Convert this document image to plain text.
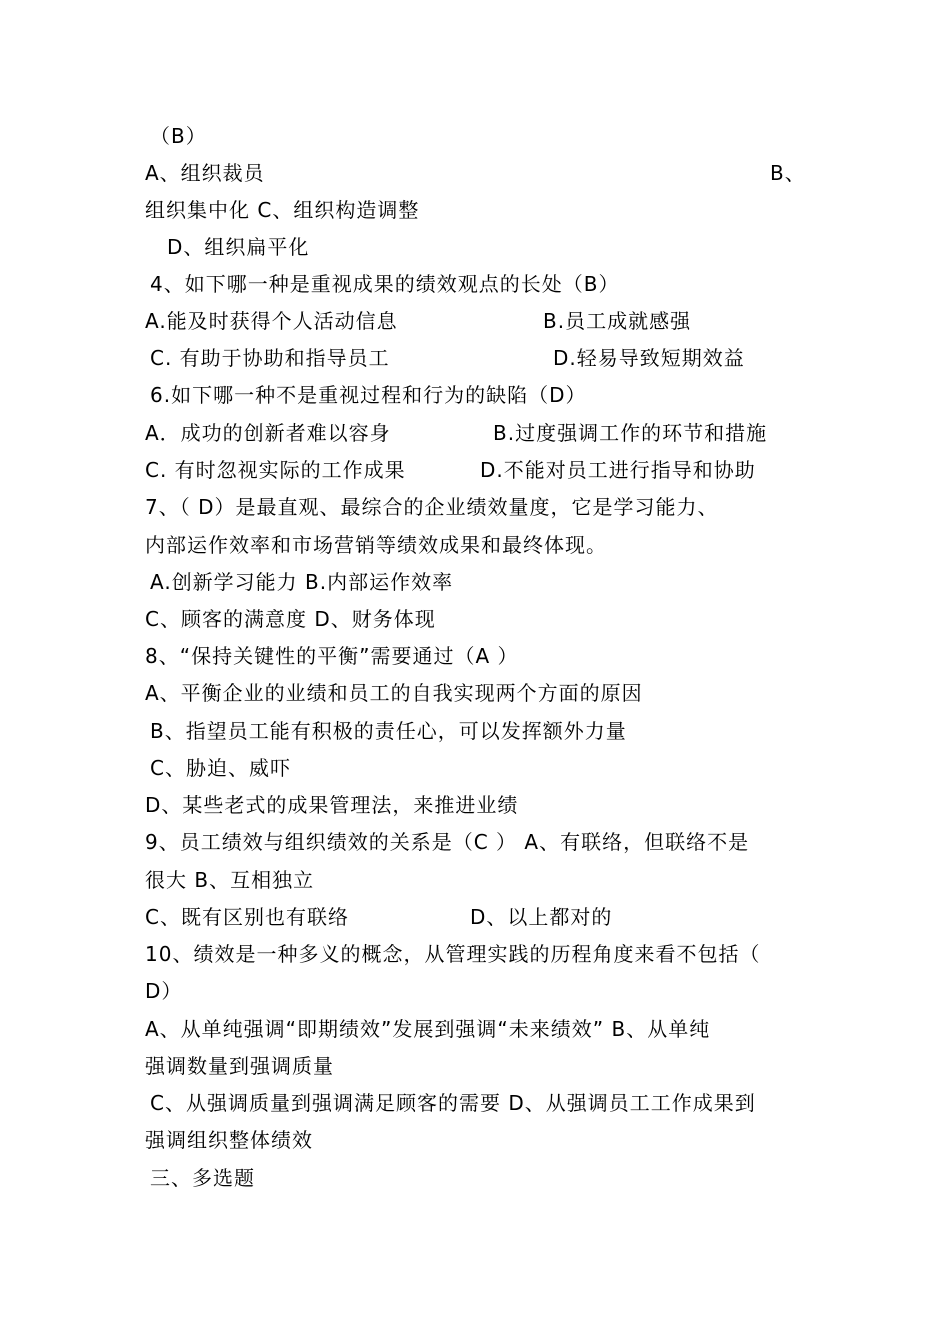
（B）
A、组织裁员	B、
组织集中化 C、组织构造调整
D、组织扁平化
4、如下哪一种是重视成果的绩效观点的长处（B）
A.能及时获得个人活动信息	B.员工成就感强
C. 有助于协助和指导员工	D.轻易导致短期效益
6.如下哪一种不是重视过程和行为的缺陷（D）
A．成功的创新者难以容身	B.过度强调工作的环节和措施
C. 有时忽视实际的工作成果	D.不能对员工进行指导和协助
7、（ D）是最直观、最综合的企业绩效量度，它是学习能力、
内部运作效率和市场营销等绩效成果和最终体现。
A.创新学习能力 B.内部运作效率
C、顾客的满意度 D、财务体现
8、“保持关键性的平衡”需要通过（A ）
A、平衡企业的业绩和员工的自我实现两个方面的原因
B、指望员工能有积极的责任心，可以发挥额外力量
C、胁迫、威吓
D、某些老式的成果管理法，来推进业绩
9、员工绩效与组织绩效的关系是（C ） A、有联络，但联络不是
很大 B、互相独立
C、既有区别也有联络	D、以上都对的
10、绩效是一种多义的概念，从管理实践的历程角度来看不包括（
D）
A、从单纯强调“即期绩效”发展到强调“未来绩效” B、从单纯
强调数量到强调质量
C、从强调质量到强调满足顾客的需要 D、从强调员工工作成果到
强调组织整体绩效
三、多选题
